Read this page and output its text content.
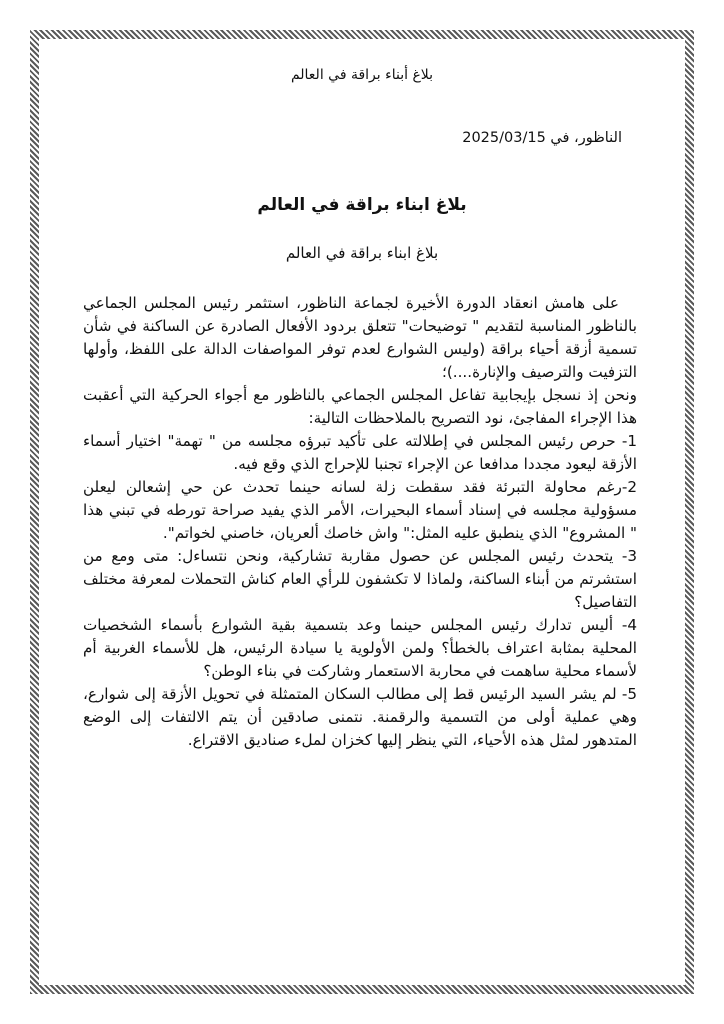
بلاغ أبناء براقة في العالم
الناظور، في 2025/03/15
بلاغ ابناء براقة في العالم
بلاغ ابناء براقة في العالم

على هامش انعقاد الدورة الأخيرة لجماعة الناظور، استثمر رئيس المجلس الجماعي بالناظور المناسبة لتقديم " توضيحات" تتعلق بردود الأفعال الصادرة عن الساكنة في شأن تسمية أزقة أحياء براقة (وليس الشوارع لعدم توفر المواصفات الدالة على اللفظ، وأولها التزفيت والترصيف والإنارة....)؛

ونحن إذ نسجل بإيجابية تفاعل المجلس الجماعي بالناظور مع أجواء الحركية التي أعقبت هذا الإجراء المفاجئ، نود التصريح بالملاحظات التالية:

1- حرص رئيس المجلس في إطلالته على تأكيد تبرؤه مجلسه من " تهمة" اختيار أسماء الأزقة ليعود مجددا مدافعا عن الإجراء تجنبا للإحراج الذي وقع فيه.

2-رغم محاولة التبرئة فقد سقطت زلة لسانه حينما تحدث عن حي إشعالن ليعلن مسؤولية مجلسه في إسناد أسماء البحيرات، الأمر الذي يفيد صراحة تورطه في تبني هذا " المشروع" الذي ينطبق عليه المثل:" واش خاصك ألعريان، خاصني لخواتم".

3- يتحدث رئيس المجلس عن حصول مقاربة تشاركية، ونحن نتساءل: متى ومع من استشرتم من أبناء الساكنة، ولماذا لا تكشفون للرأي العام كناش التحملات لمعرفة مختلف التفاصيل؟

4- أليس تدارك رئيس المجلس حينما وعد بتسمية بقية الشوارع بأسماء الشخصيات المحلية بمثابة اعتراف بالخطأ؟ ولمن الأولوية يا سيادة الرئيس، هل للأسماء الغربية أم لأسماء محلية ساهمت في محاربة الاستعمار وشاركت في بناء الوطن؟

5- لم يشر السيد الرئيس قط إلى مطالب السكان المتمثلة في تحويل الأزقة إلى شوارع، وهي عملية أولى من التسمية والرقمنة. نتمنى صادقين أن يتم الالتفات إلى الوضع المتدهور لمثل هذه الأحياء، التي ينظر إليها كخزان لملء صناديق الاقتراع.
